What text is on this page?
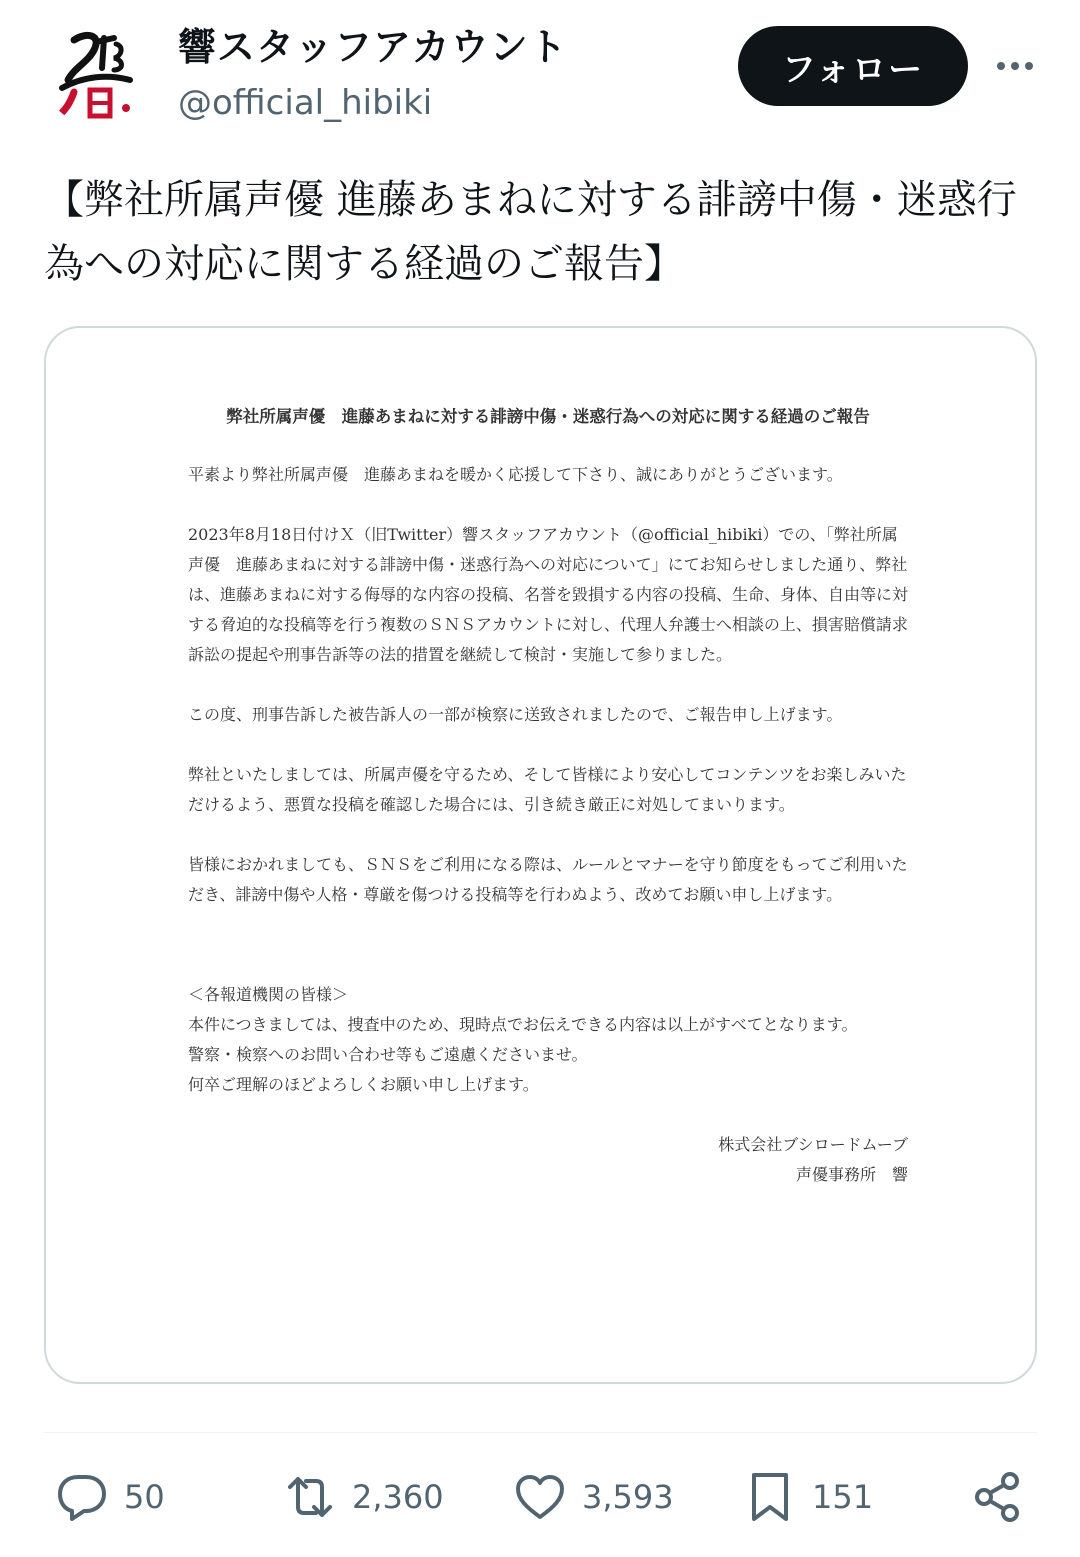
響スタッフアカウント
@official_hibiki
フォロー
【弊社所属声優 進藤あまねに対する誹謗中傷・迷惑行為への対応に関する経過のご報告】
弊社所属声優　進藤あまねに対する誹謗中傷・迷惑行為への対応に関する経過のご報告

平素より弊社所属声優　進藤あまねを暖かく応援して下さり、誠にありがとうございます。

2023年8月18日付けＸ（旧Twitter）響スタッフアカウント（@official_hibiki）での、「弊社所属声優　進藤あまねに対する誹謗中傷・迷惑行為への対応について」にてお知らせしました通り、弊社は、進藤あまねに対する侮辱的な内容の投稿、名誉を毀損する内容の投稿、生命、身体、自由等に対する脅迫的な投稿等を行う複数のＳＮＳアカウントに対し、代理人弁護士へ相談の上、損害賠償請求訴訟の提起や刑事告訴等の法的措置を継続して検討・実施して参りました。

この度、刑事告訴した被告訴人の一部が検察に送致されましたので、ご報告申し上げます。

弊社といたしましては、所属声優を守るため、そして皆様により安心してコンテンツをお楽しみいただけるよう、悪質な投稿を確認した場合には、引き続き厳正に対処してまいります。

皆様におかれましても、ＳＮＳをご利用になる際は、ルールとマナーを守り節度をもってご利用いただき、誹謗中傷や人格・尊厳を傷つける投稿等を行わぬよう、改めてお願い申し上げます。

＜各報道機関の皆様＞
本件につきましては、捜査中のため、現時点でお伝えできる内容は以上がすべてとなります。
警察・検察へのお問い合わせ等もご遠慮くださいませ。
何卒ご理解のほどよろしくお願い申し上げます。
株式会社ブシロードムーブ
声優事務所　響
50	2,360	3,593	151
